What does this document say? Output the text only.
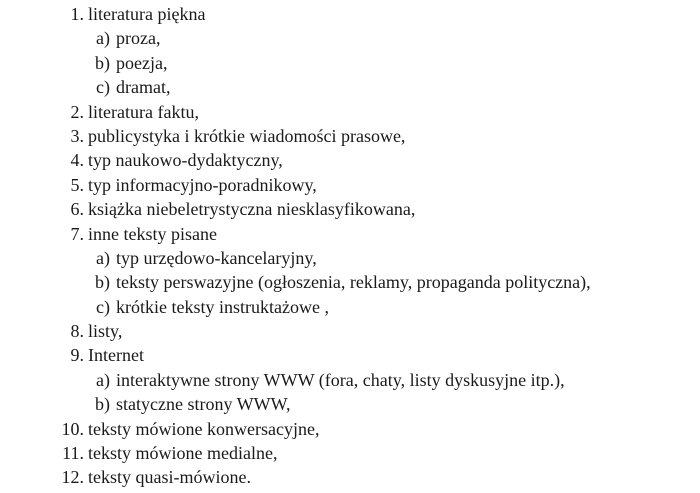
1. literatura piękna
a) proza,
b) poezja,
c) dramat,
2. literatura faktu,
3. publicystyka i krótkie wiadomości prasowe,
4. typ naukowo-dydaktyczny,
5. typ informacyjno-poradnikowy,
6. książka niebeletrystyczna niesklasyfikowana,
7. inne teksty pisane
a) typ urzędowo-kancelaryjny,
b) teksty perswazyjne (ogłoszenia, reklamy, propaganda polityczna),
c) krótkie teksty instruktażowe ,
8. listy,
9. Internet
a) interaktywne strony WWW (fora, chaty, listy dyskusyjne itp.),
b) statyczne strony WWW,
10. teksty mówione konwersacyjne,
11. teksty mówione medialne,
12. teksty quasi-mówione.
